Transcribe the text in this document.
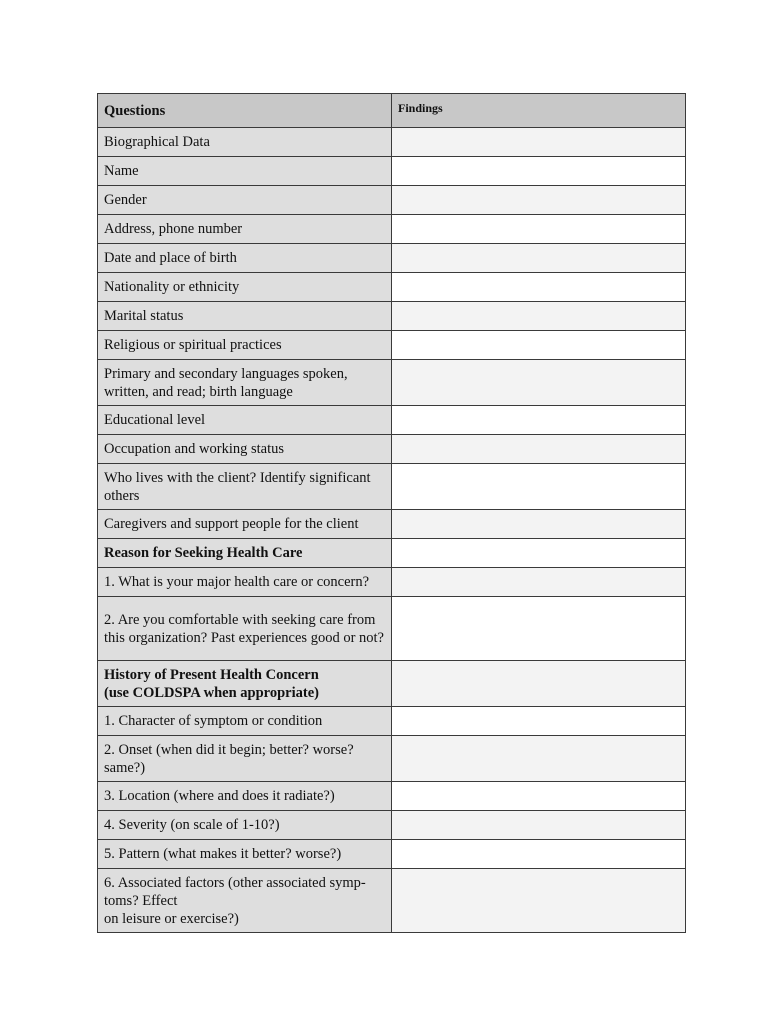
Questions	Findings

Biographical Data	

Name	

Gender	

Address, phone number	

Date and place of birth	

Nationality or ethnicity	

Marital status	

Religious or spiritual practices	

Primary and secondary languages spoken, written, and read; birth language	

Educational level	

Occupation and working status	

Who lives with the client? Identify significant others	

Caregivers and support people for the client	

Reason for Seeking Health Care	

1. What is your major health care or concern?	

2. Are you comfortable with seeking care from this organization? Past experiences good or not?	

History of Present Health Concern
(use COLDSPA when appropriate)	

1. Character of symptom or condition	

2. Onset (when did it begin; better? worse? same?)	

3. Location (where and does it radiate?)	

4. Severity (on scale of 1-10?)	

5. Pattern (what makes it better? worse?)	

6. Associated factors (other associated symp-toms? Effect
on leisure or exercise?)	
